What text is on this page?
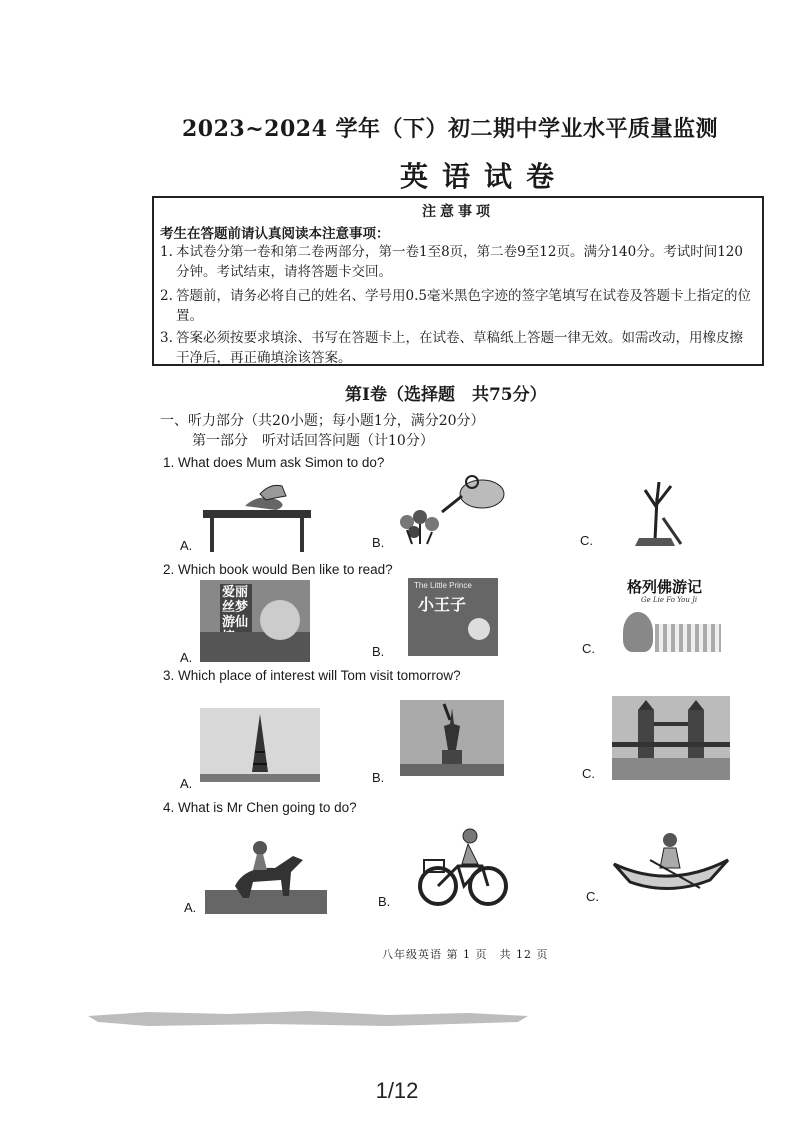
2023~2024 学年（下）初二期中学业水平质量监测
英语试卷
注意事项
考生在答题前请认真阅读本注意事项：
1. 本试卷分第一卷和第二卷两部分，第一卷1至8页，第二卷9至12页。满分140分。考试时间120分钟。考试结束，请将答题卡交回。
2. 答题前，请务必将自己的姓名、学号用0.5毫米黑色字迹的签字笔填写在试卷及答题卡上指定的位置。
3. 答案必须按要求填涂、书写在答题卡上，在试卷、草稿纸上答题一律无效。如需改动，用橡皮擦干净后，再正确填涂该答案。
第Ⅰ卷（选择题　共75分）
一、听力部分（共20小题；每小题1分，满分20分）
第一部分　听对话回答问题（计10分）
1. What does Mum ask Simon to do?
A.	B.	C.
2. Which book would Ben like to read?
A.	B.	C.
爱丽丝梦游仙
The Little Prince
小王子
格列佛游记
Ge Lie Fo You Ji
3. Which place of interest will Tom visit tomorrow?
A.	B.	C.
4. What is Mr Chen going to do?
A.	B.	C.
八年级英语 第 1 页　共 12 页
1/12
